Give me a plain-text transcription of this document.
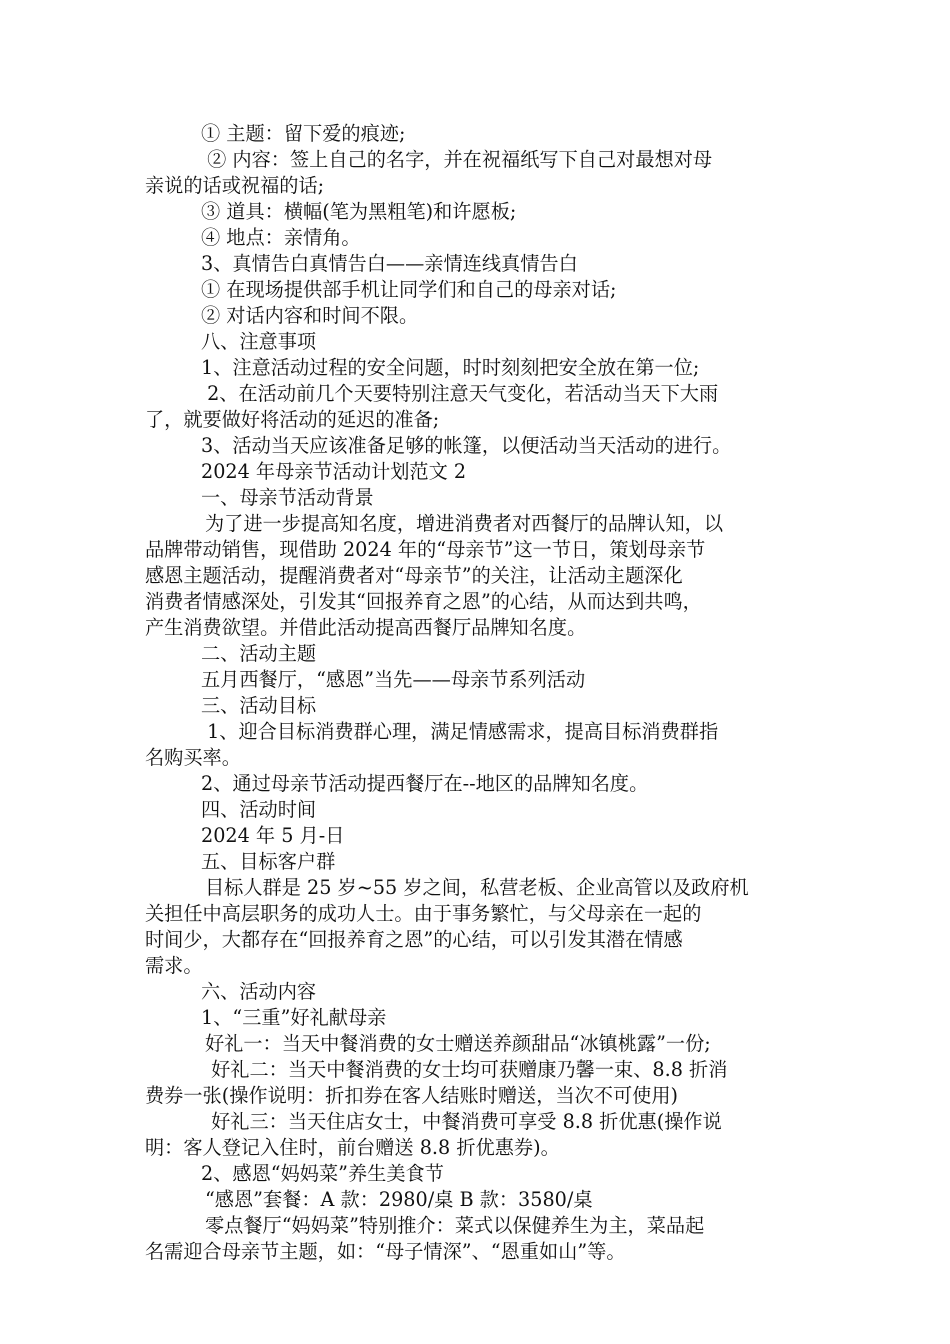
① 主题：留下爱的痕迹;
② 内容：签上自己的名字，并在祝福纸写下自己对最想对母
亲说的话或祝福的话;
③ 道具：横幅(笔为黑粗笔)和许愿板;
④ 地点：亲情角。
3、真情告白真情告白——亲情连线真情告白
① 在现场提供部手机让同学们和自己的母亲对话;
② 对话内容和时间不限。
八、注意事项
1、注意活动过程的安全问题，时时刻刻把安全放在第一位;
2、在活动前几个天要特别注意天气变化，若活动当天下大雨
了，就要做好将活动的延迟的准备;
3、活动当天应该准备足够的帐篷，以便活动当天活动的进行。
2024 年母亲节活动计划范文 2
一、母亲节活动背景
为了进一步提高知名度，增进消费者对西餐厅的品牌认知，以
品牌带动销售，现借助 2024 年的“母亲节”这一节日，策划母亲节
感恩主题活动，提醒消费者对“母亲节”的关注，让活动主题深化
消费者情感深处，引发其“回报养育之恩”的心结，从而达到共鸣，
产生消费欲望。并借此活动提高西餐厅品牌知名度。
二、活动主题
五月西餐厅，“感恩”当先——母亲节系列活动
三、活动目标
1、迎合目标消费群心理，满足情感需求，提高目标消费群指
名购买率。
2、通过母亲节活动提西餐厅在--地区的品牌知名度。
四、活动时间
2024 年 5 月-日
五、目标客户群
目标人群是 25 岁~55 岁之间，私营老板、企业高管以及政府机
关担任中高层职务的成功人士。由于事务繁忙，与父母亲在一起的
时间少，大都存在“回报养育之恩”的心结，可以引发其潜在情感
需求。
六、活动内容
1、“三重”好礼献母亲
好礼一：当天中餐消费的女士赠送养颜甜品“冰镇桃露”一份;
好礼二：当天中餐消费的女士均可获赠康乃馨一束、8.8 折消
费券一张(操作说明：折扣券在客人结账时赠送，当次不可使用)
好礼三：当天住店女士，中餐消费可享受 8.8 折优惠(操作说
明：客人登记入住时，前台赠送 8.8 折优惠券)。
2、感恩“妈妈菜”养生美食节
“感恩”套餐：A 款：2980/桌 B 款：3580/桌
零点餐厅“妈妈菜”特别推介：菜式以保健养生为主，菜品起
名需迎合母亲节主题，如：“母子情深”、“恩重如山”等。
